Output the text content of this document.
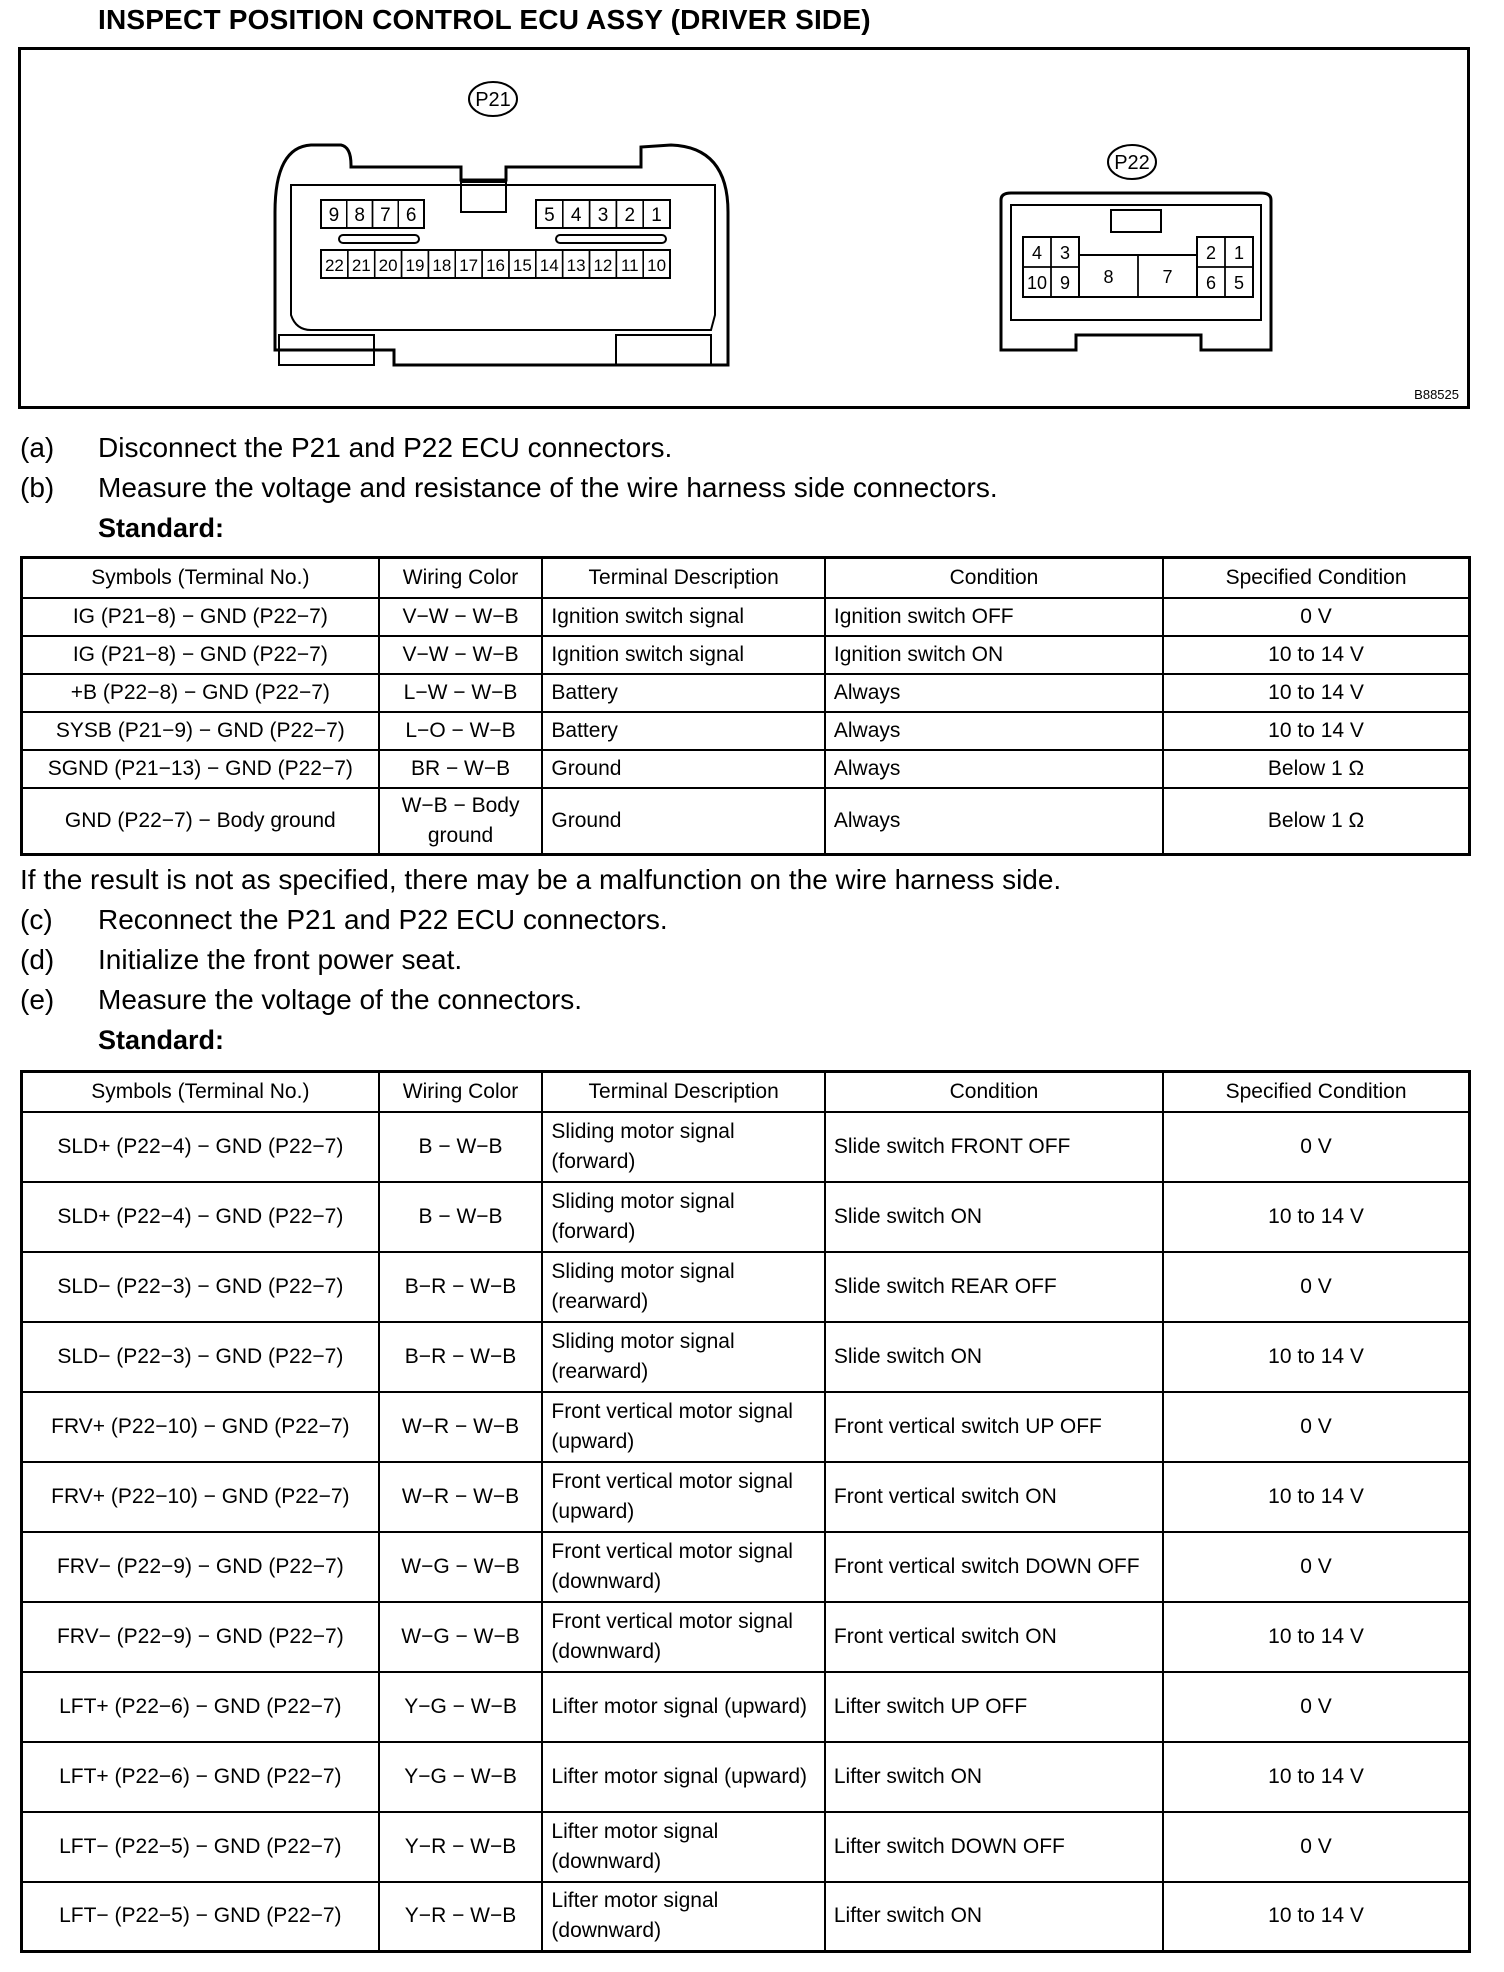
INSPECT POSITION CONTROL ECU ASSY (DRIVER SIDE)
P21
P22
9 8 7 6	5 4 3 2 1
22 21 20 19 18 17 16 15 14 13 12 11 10
4 3
10 9 8	7
2 1
6 5
B88525
(a)	Disconnect the P21 and P22 ECU connectors.
(b)	Measure the voltage and resistance of the wire harness side connectors.
Standard:
Symbols (Terminal No.)	Wiring Color	Terminal Description	Condition	Specified Condition
IG (P21−8) − GND (P22−7)	V−W − W−B	Ignition switch signal	Ignition switch OFF	0 V
IG (P21−8) − GND (P22−7)	V−W − W−B	Ignition switch signal	Ignition switch ON	10 to 14 V
+B (P22−8) − GND (P22−7)	L−W − W−B	Battery	Always	10 to 14 V
SYSB (P21−9) − GND (P22−7)	L−O − W−B	Battery	Always	10 to 14 V
SGND (P21−13) − GND (P22−7)	BR − W−B	Ground	Always	Below 1 Ω
GND (P22−7) − Body ground	W−B − Body ground	Ground	Always	Below 1 Ω
If the result is not as specified, there may be a malfunction on the wire harness side.
(c)	Reconnect the P21 and P22 ECU connectors.
(d)	Initialize the front power seat.
(e)	Measure the voltage of the connectors.
Standard:
Symbols (Terminal No.)	Wiring Color	Terminal Description	Condition	Specified Condition
SLD+ (P22−4) − GND (P22−7)	B − W−B	Sliding motor signal (forward)	Slide switch FRONT OFF	0 V
SLD+ (P22−4) − GND (P22−7)	B − W−B	Sliding motor signal (forward)	Slide switch ON	10 to 14 V
SLD− (P22−3) − GND (P22−7)	B−R − W−B	Sliding motor signal (rearward)	Slide switch REAR OFF	0 V
SLD− (P22−3) − GND (P22−7)	B−R − W−B	Sliding motor signal (rearward)	Slide switch ON	10 to 14 V
FRV+ (P22−10) − GND (P22−7)	W−R − W−B	Front vertical motor signal (upward)	Front vertical switch UP OFF	0 V
FRV+ (P22−10) − GND (P22−7)	W−R − W−B	Front vertical motor signal (upward)	Front vertical switch ON	10 to 14 V
FRV− (P22−9) − GND (P22−7)	W−G − W−B	Front vertical motor signal (downward)	Front vertical switch DOWN OFF	0 V
FRV− (P22−9) − GND (P22−7)	W−G − W−B	Front vertical motor signal (downward)	Front vertical switch ON	10 to 14 V
LFT+ (P22−6) − GND (P22−7)	Y−G − W−B	Lifter motor signal (upward)	Lifter switch UP OFF	0 V
LFT+ (P22−6) − GND (P22−7)	Y−G − W−B	Lifter motor signal (upward)	Lifter switch ON	10 to 14 V
LFT− (P22−5) − GND (P22−7)	Y−R − W−B	Lifter motor signal (downward)	Lifter switch DOWN OFF	0 V
LFT− (P22−5) − GND (P22−7)	Y−R − W−B	Lifter motor signal (downward)	Lifter switch ON	10 to 14 V
